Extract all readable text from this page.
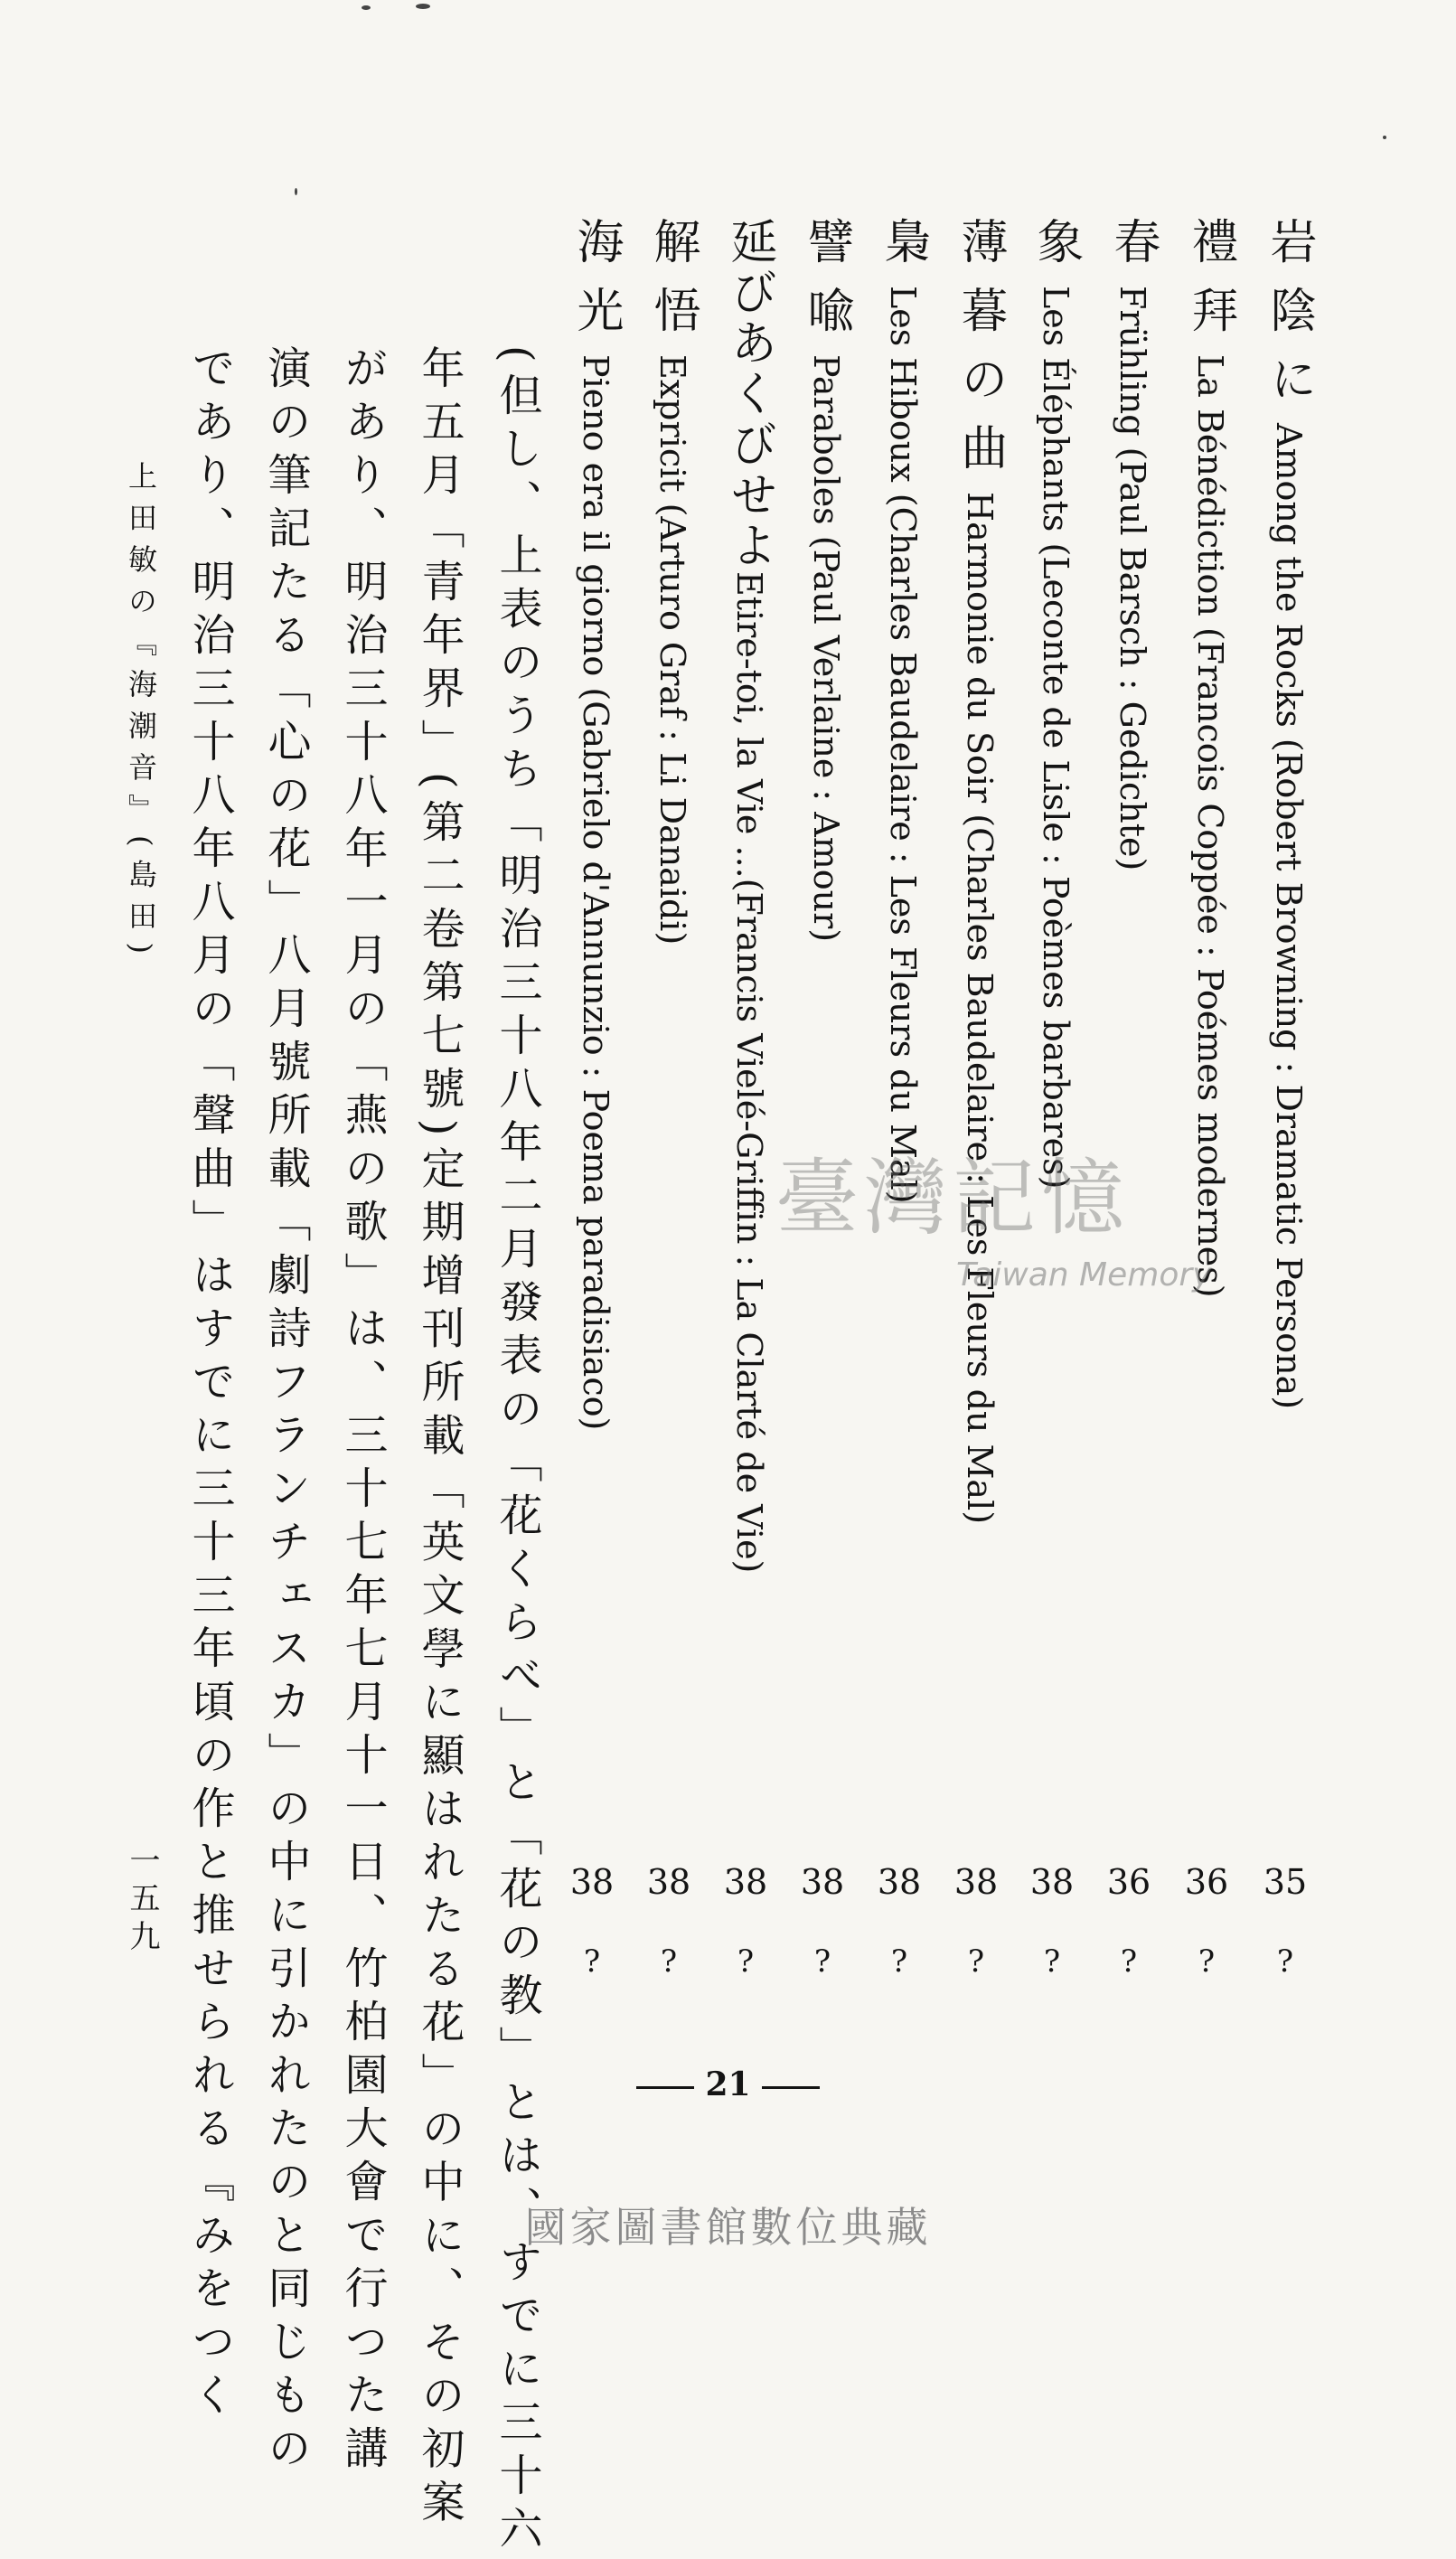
岩陰にAmong the Rocks (Robert Browning : Dramatic Persona)
35
?
禮拜La Bénédiction (Francois Coppée : Poémes modernes)
36
?
春Frühling (Paul Barsch : Gedichte)
36
?
象Les Éléphants (Leconte de Lisle : Poèmes barbares)
38
?
薄暮の曲Harmonie du Soir (Charles Baudelaire : Les Fleurs du Mal)
38
?
梟Les Hiboux (Charles Baudelaire : Les Fleurs du Mal)
38
?
譬喩Paraboles (Paul Verlaine : Amour)
38
?
延びあくびせよEtire-toi, la Vie ...(Francis Vielé-Griffin : La Clarté de Vie)
38
?
解悟Expricit (Arturo Graf : Li Danaidi)
38
?
海光Pieno era il giorno (Gabrielo d'Annunzio : Poema paradisiaco)
38
?
(但し、上表のうち「明治三十八年二月發表の「花くらべ」と「花の教」とは、すでに三十六
年五月「青年界」(第二卷第七號)定期增刊所載「英文學に顯はれたる花」の中に、その初案
があり、明治三十八年一月の「燕の歌」は、三十七年七月十一日、竹柏園大會で行つた講
演の筆記たる「心の花」八月號所載「劇詩フランチェスカ」の中に引かれたのと同じもの
であり、明治三十八年八月の「聲曲」はすでに三十三年頃の作と推せられる『みをつく
上田敏の『海潮音』(島田)
一五九
21
臺灣記憶
Taiwan Memory
國家圖書館數位典藏
